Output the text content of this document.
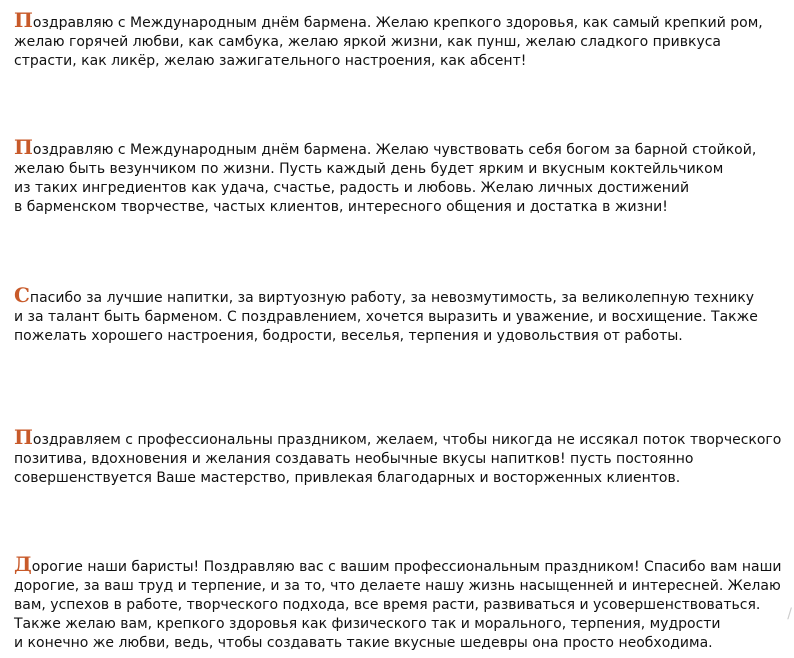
Поздравляю с Международным днём бармена. Желаю крепкого здоровья, как самый крепкий ром,
желаю горячей любви, как самбука, желаю яркой жизни, как пунш, желаю сладкого привкуса
страсти, как ликёр, желаю зажигательного настроения, как абсент!

Поздравляю с Международным днём бармена. Желаю чувствовать себя богом за барной стойкой,
желаю быть везунчиком по жизни. Пусть каждый день будет ярким и вкусным коктейльчиком
из таких ингредиентов как удача, счастье, радость и любовь. Желаю личных достижений
в барменском творчестве, частых клиентов, интересного общения и достатка в жизни!

Спасибо за лучшие напитки, за виртуозную работу, за невозмутимость, за великолепную технику
и за талант быть барменом. С поздравлением, хочется выразить и уважение, и восхищение. Также
пожелать хорошего настроения, бодрости, веселья, терпения и удовольствия от работы.

Поздравляем с профессиональны праздником, желаем, чтобы никогда не иссякал поток творческого
позитива, вдохновения и желания создавать необычные вкусы напитков! пусть постоянно
совершенствуется Ваше мастерство, привлекая благодарных и восторженных клиентов.

Дорогие наши баристы! Поздравляю вас с вашим профессиональным праздником! Спасибо вам наши
дорогие, за ваш труд и терпение, и за то, что делаете нашу жизнь насыщенней и интересней. Желаю
вам, успехов в работе, творческого подхода, все время расти, развиваться и усовершенствоваться.
Также желаю вам, крепкого здоровья как физического так и морального, терпения, мудрости
и конечно же любви, ведь, чтобы создавать такие вкусные шедевры она просто необходима.

/
